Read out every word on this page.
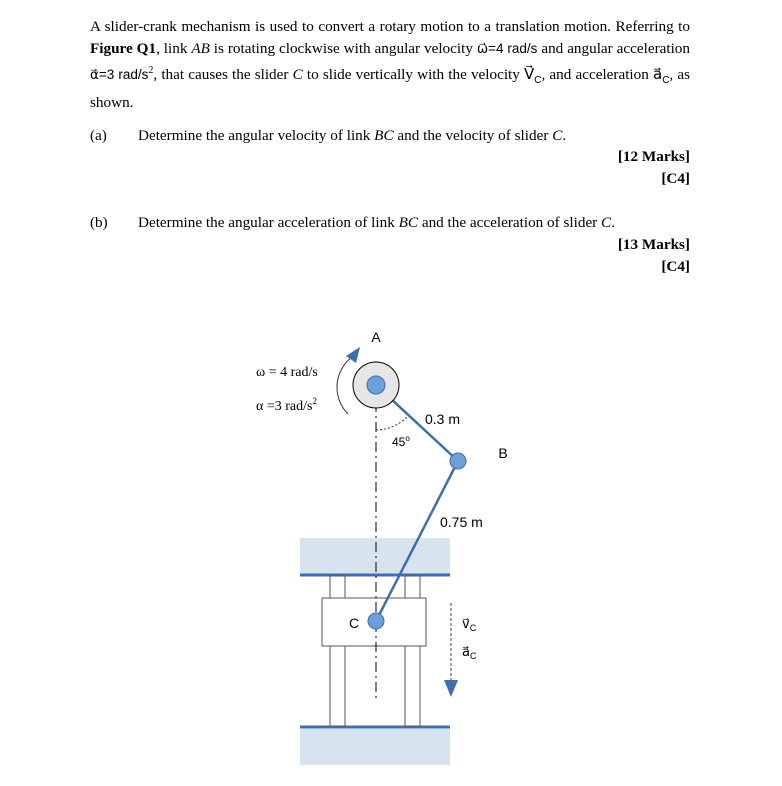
A slider-crank mechanism is used to convert a rotary motion to a translation motion. Referring to Figure Q1, link AB is rotating clockwise with angular velocity ω⃗=4 rad/s and angular acceleration α⃗=3 rad/$s^2$, that causes the slider C to slide vertically with the velocity $V⃗_C$, and acceleration $a⃗_C$, as shown.
(a) Determine the angular velocity of link BC and the velocity of slider C.
[12 Marks]
[C4]
(b) Determine the angular acceleration of link BC and the acceleration of slider C.
[13 Marks]
[C4]
A
B
C
ω = 4 rad/s
α =3 rad/$s^2$
0.3 m
0.75 m
45$^o$
$v⃗_C$
$a⃗_C$
